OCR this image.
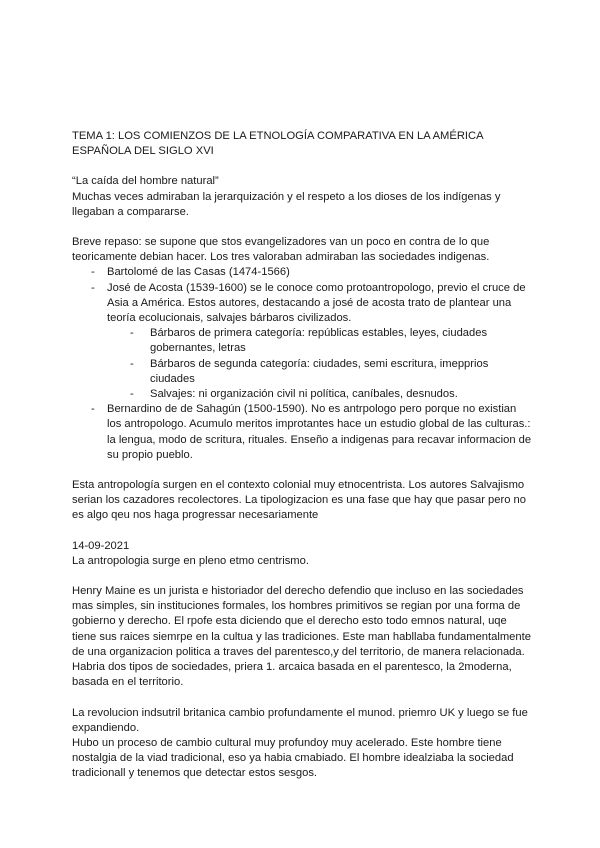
TEMA 1: LOS COMIENZOS DE LA ETNOLOGÍA COMPARATIVA EN LA AMÉRICA

ESPAÑOLA DEL SIGLO XVI

“La caída del hombre natural”

Muchas veces admiraban la jerarquización y el respeto a los dioses de los indígenas y llegaban a compararse.

Breve repaso: se supone que stos evangelizadores van un poco en contra de lo que teoricamente debian hacer. Los tres valoraban admiraban las sociedades indigenas.

- Bartolomé de las Casas (1474-1566)
- José de Acosta (1539-1600) se le conoce como protoantropologo, previo el cruce de Asia a América. Estos autores, destacando a josé de acosta trato de plantear una teoría ecolucionais, salvajes bárbaros civilizados.
- Bárbaros de primera categoría: repúblicas estables, leyes, ciudades gobernantes, letras
- Bárbaros de segunda categoría: ciudades, semi escritura, imepprios ciudades
- Salvajes: ni organización civil ni política, caníbales, desnudos.
- Bernardino de de Sahagún (1500-1590). No es antrpologo pero porque no existian los antropologo. Acumulo meritos improtantes hace un estudio global de las culturas.: la lengua, modo de scritura, rituales. Enseño a indigenas para recavar informacion de su propio pueblo.

Esta antropología surgen en el contexto colonial muy etnocentrista. Los autores Salvajismo serian los cazadores recolectores. La tipologizacion es una fase que hay que pasar pero no es algo qeu nos haga progressar necesariamente

14-09-2021

La antropologia surge en pleno etmo centrismo.

Henry Maine es un jurista e historiador del derecho defendio que incluso en las sociedades mas simples, sin instituciones formales, los hombres primitivos se regian por una forma de gobierno y derecho. El rpofe esta diciendo que el derecho esto todo emnos natural, uqe tiene sus raices siemrpe en la cultua y las tradiciones. Este man habllaba fundamentalmente de una organizacion politica a traves del parentesco,y del territorio, de manera relacionada. Habria dos tipos de sociedades, priera 1. arcaica basada en el parentesco, la 2moderna, basada en el territorio.

La revolucion indsutril britanica cambio profundamente el munod. priemro UK y luego se fue expandiendo.

Hubo un proceso de cambio cultural muy profundoy muy acelerado. Este hombre tiene nostalgia de la viad tradicional, eso ya habia cmabiado. El hombre idealziaba la sociedad tradicionall y tenemos que detectar estos sesgos.
